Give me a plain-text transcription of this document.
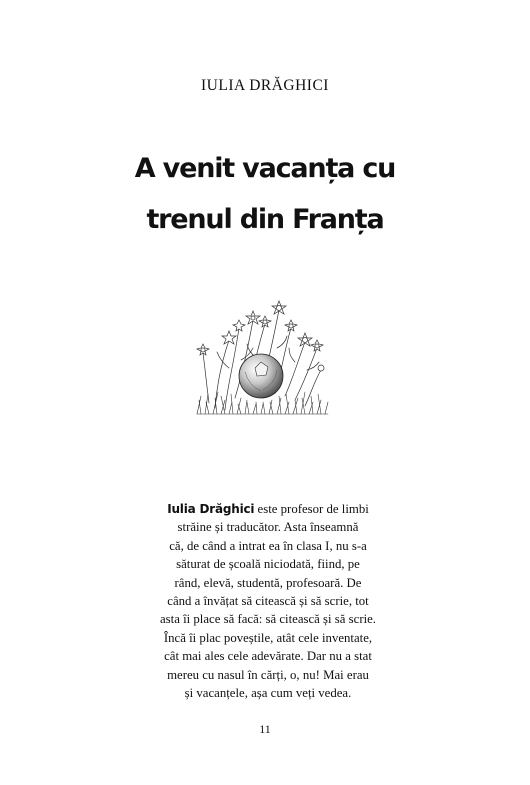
IULIA DRĂGHICI
A venit vacanța cu
trenul din Franța
Iulia Drăghici este profesor de limbi
străine și traducător. Asta înseamnă
că, de când a intrat ea în clasa I, nu s-a
săturat de școală niciodată, fiind, pe
rând, elevă, studentă, profesoară. De
când a învățat să citească și să scrie, tot
asta îi place să facă: să citească și să scrie.
Încă îi plac poveștile, atât cele inventate,
cât mai ales cele adevărate. Dar nu a stat
mereu cu nasul în cărți, o, nu! Mai erau
și vacanțele, așa cum veți vedea.
11
